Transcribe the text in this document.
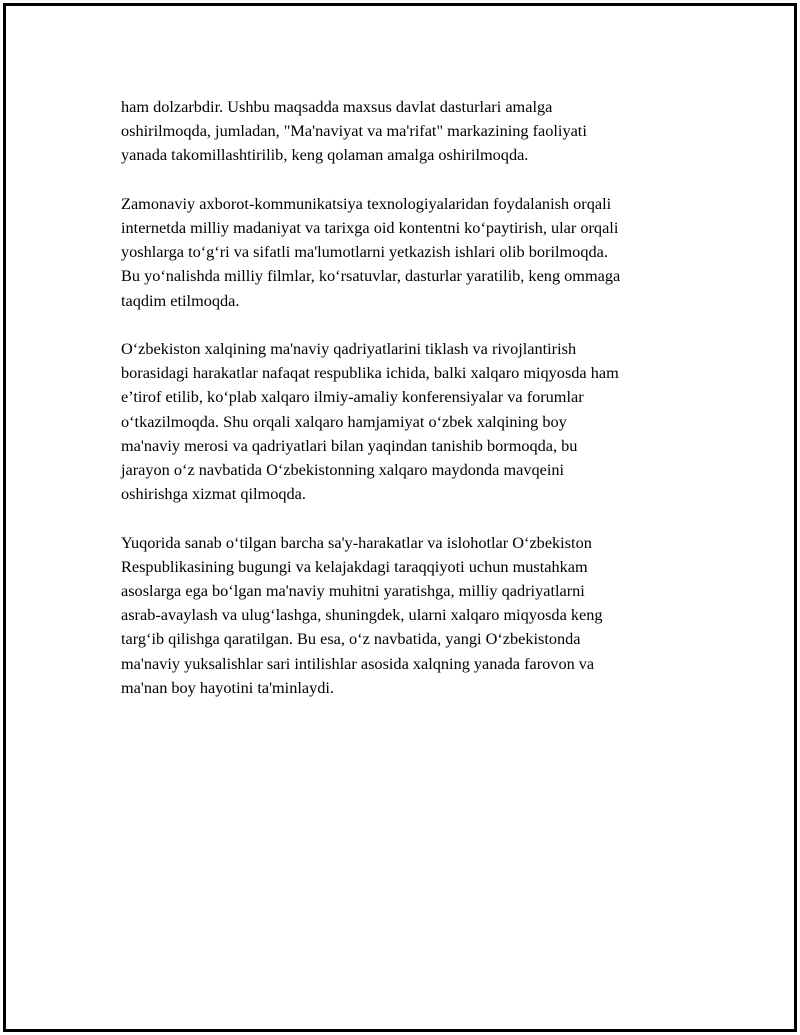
ham dolzarbdir. Ushbu maqsadda maxsus davlat dasturlari amalga
oshirilmoqda, jumladan, "Ma'naviyat va ma'rifat" markazining faoliyati
yanada takomillashtirilib, keng qolaman amalga oshirilmoqda.

Zamonaviy axborot-kommunikatsiya texnologiyalaridan foydalanish orqali
internetda milliy madaniyat va tarixga oid kontentni ko‘paytirish, ular orqali
yoshlarga to‘g‘ri va sifatli ma'lumotlarni yetkazish ishlari olib borilmoqda.
Bu yo‘nalishda milliy filmlar, ko‘rsatuvlar, dasturlar yaratilib, keng ommaga
taqdim etilmoqda.

O‘zbekiston xalqining ma'naviy qadriyatlarini tiklash va rivojlantirish
borasidagi harakatlar nafaqat respublika ichida, balki xalqaro miqyosda ham
e’tirof etilib, ko‘plab xalqaro ilmiy-amaliy konferensiyalar va forumlar
o‘tkazilmoqda. Shu orqali xalqaro hamjamiyat o‘zbek xalqining boy
ma'naviy merosi va qadriyatlari bilan yaqindan tanishib bormoqda, bu
jarayon o‘z navbatida O‘zbekistonning xalqaro maydonda mavqeini
oshirishga xizmat qilmoqda.

Yuqorida sanab o‘tilgan barcha sa'y-harakatlar va islohotlar O‘zbekiston
Respublikasining bugungi va kelajakdagi taraqqiyoti uchun mustahkam
asoslarga ega bo‘lgan ma'naviy muhitni yaratishga, milliy qadriyatlarni
asrab-avaylash va ulug‘lashga, shuningdek, ularni xalqaro miqyosda keng
targ‘ib qilishga qaratilgan. Bu esa, o‘z navbatida, yangi O‘zbekistonda
ma'naviy yuksalishlar sari intilishlar asosida xalqning yanada farovon va
ma'nan boy hayotini ta'minlaydi.
